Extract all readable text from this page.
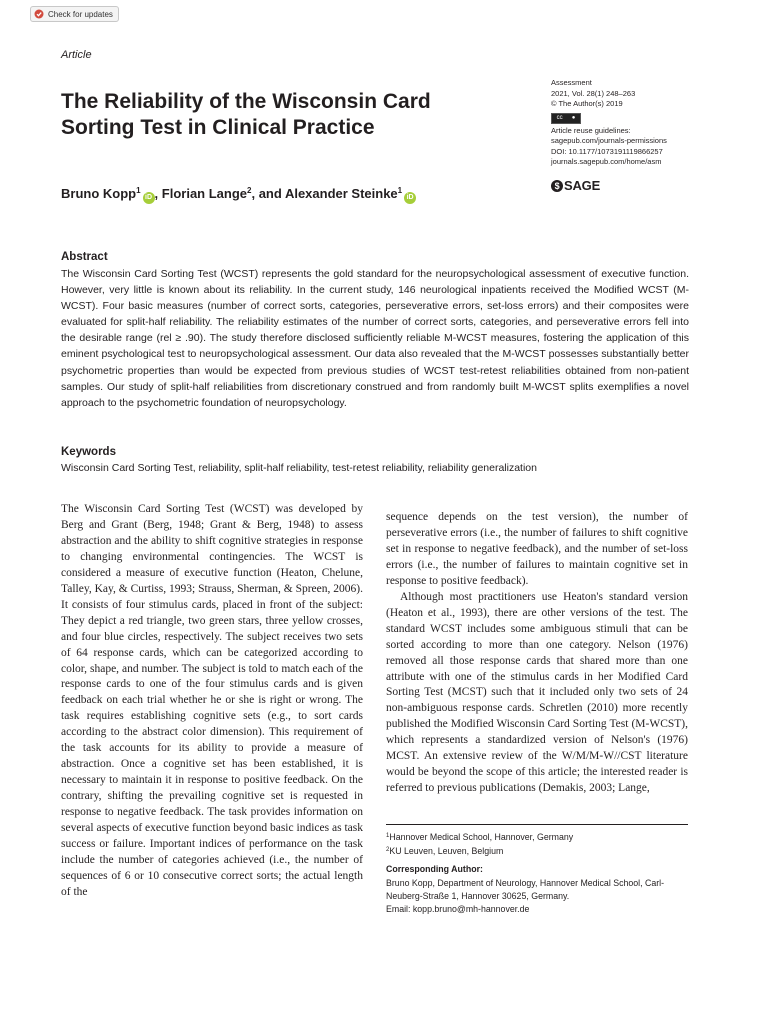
Check for updates
Article
The Reliability of the Wisconsin Card Sorting Test in Clinical Practice
Bruno Kopp$^1$iD , Florian Lange$^2$, and Alexander Steinke$^1$iD
Assessment
2021, Vol. 28(1) 248–263
© The Author(s) 2019
cc ●
Article reuse guidelines:
sagepub.com/journals-permissions
DOI: 10.1177/1073191119866257
journals.sagepub.com/home/asm
$ SAGE
Abstract
The Wisconsin Card Sorting Test (WCST) represents the gold standard for the neuropsychological assessment of executive function. However, very little is known about its reliability. In the current study, 146 neurological inpatients received the Modified WCST (M-WCST). Four basic measures (number of correct sorts, categories, perseverative errors, set-loss errors) and their composites were evaluated for split-half reliability. The reliability estimates of the number of correct sorts, categories, and perseverative errors fell into the desirable range (rel ≥ .90). The study therefore disclosed sufficiently reliable M-WCST measures, fostering the application of this eminent psychological test to neuropsychological assessment. Our data also revealed that the M-WCST possesses substantially better psychometric properties than would be expected from previous studies of WCST test-retest reliabilities obtained from non-patient samples. Our study of split-half reliabilities from discretionary construed and from randomly built M-WCST splits exemplifies a novel approach to the psychometric foundation of neuropsychology.
Keywords
Wisconsin Card Sorting Test, reliability, split-half reliability, test-retest reliability, reliability generalization
The Wisconsin Card Sorting Test (WCST) was developed by Berg and Grant (Berg, 1948; Grant & Berg, 1948) to assess abstraction and the ability to shift cognitive strategies in response to changing environmental contingencies. The WCST is considered a measure of executive function (Heaton, Chelune, Talley, Kay, & Curtiss, 1993; Strauss, Sherman, & Spreen, 2006). It consists of four stimulus cards, placed in front of the subject: They depict a red triangle, two green stars, three yellow crosses, and four blue circles, respectively. The subject receives two sets of 64 response cards, which can be categorized according to color, shape, and number. The subject is told to match each of the response cards to one of the four stimulus cards and is given feedback on each trial whether he or she is right or wrong. The task requires establishing cognitive sets (e.g., to sort cards according to the abstract color dimension). This requirement of the task accounts for its ability to provide a measure of abstraction. Once a cognitive set has been established, it is necessary to maintain it in response to positive feedback. On the contrary, shifting the prevailing cognitive set is requested in response to negative feedback. The task provides information on several aspects of executive function beyond basic indices as task success or failure. Important indices of performance on the task include the number of categories achieved (i.e., the number of sequences of 6 or 10 consecutive correct sorts; the actual length of the
sequence depends on the test version), the number of perseverative errors (i.e., the number of failures to shift cognitive set in response to negative feedback), and the number of set-loss errors (i.e., the number of failures to maintain cognitive set in response to positive feedback).
Although most practitioners use Heaton's standard version (Heaton et al., 1993), there are other versions of the test. The standard WCST includes some ambiguous stimuli that can be sorted according to more than one category. Nelson (1976) removed all those response cards that shared more than one attribute with one of the stimulus cards in her Modified Card Sorting Test (MCST) such that it included only two sets of 24 non-ambiguous response cards. Schretlen (2010) more recently published the Modified Wisconsin Card Sorting Test (M-WCST), which represents a standardized version of Nelson's (1976) MCST. An extensive review of the W/M/M-W//CST literature would be beyond the scope of this article; the interested reader is referred to previous publications (Demakis, 2003; Lange,
$^1$Hannover Medical School, Hannover, Germany
$^2$KU Leuven, Leuven, Belgium
Corresponding Author:
Bruno Kopp, Department of Neurology, Hannover Medical School, Carl-
Neuberg-Straße 1, Hannover 30625, Germany.
Email: kopp.bruno@mh-hannover.de
